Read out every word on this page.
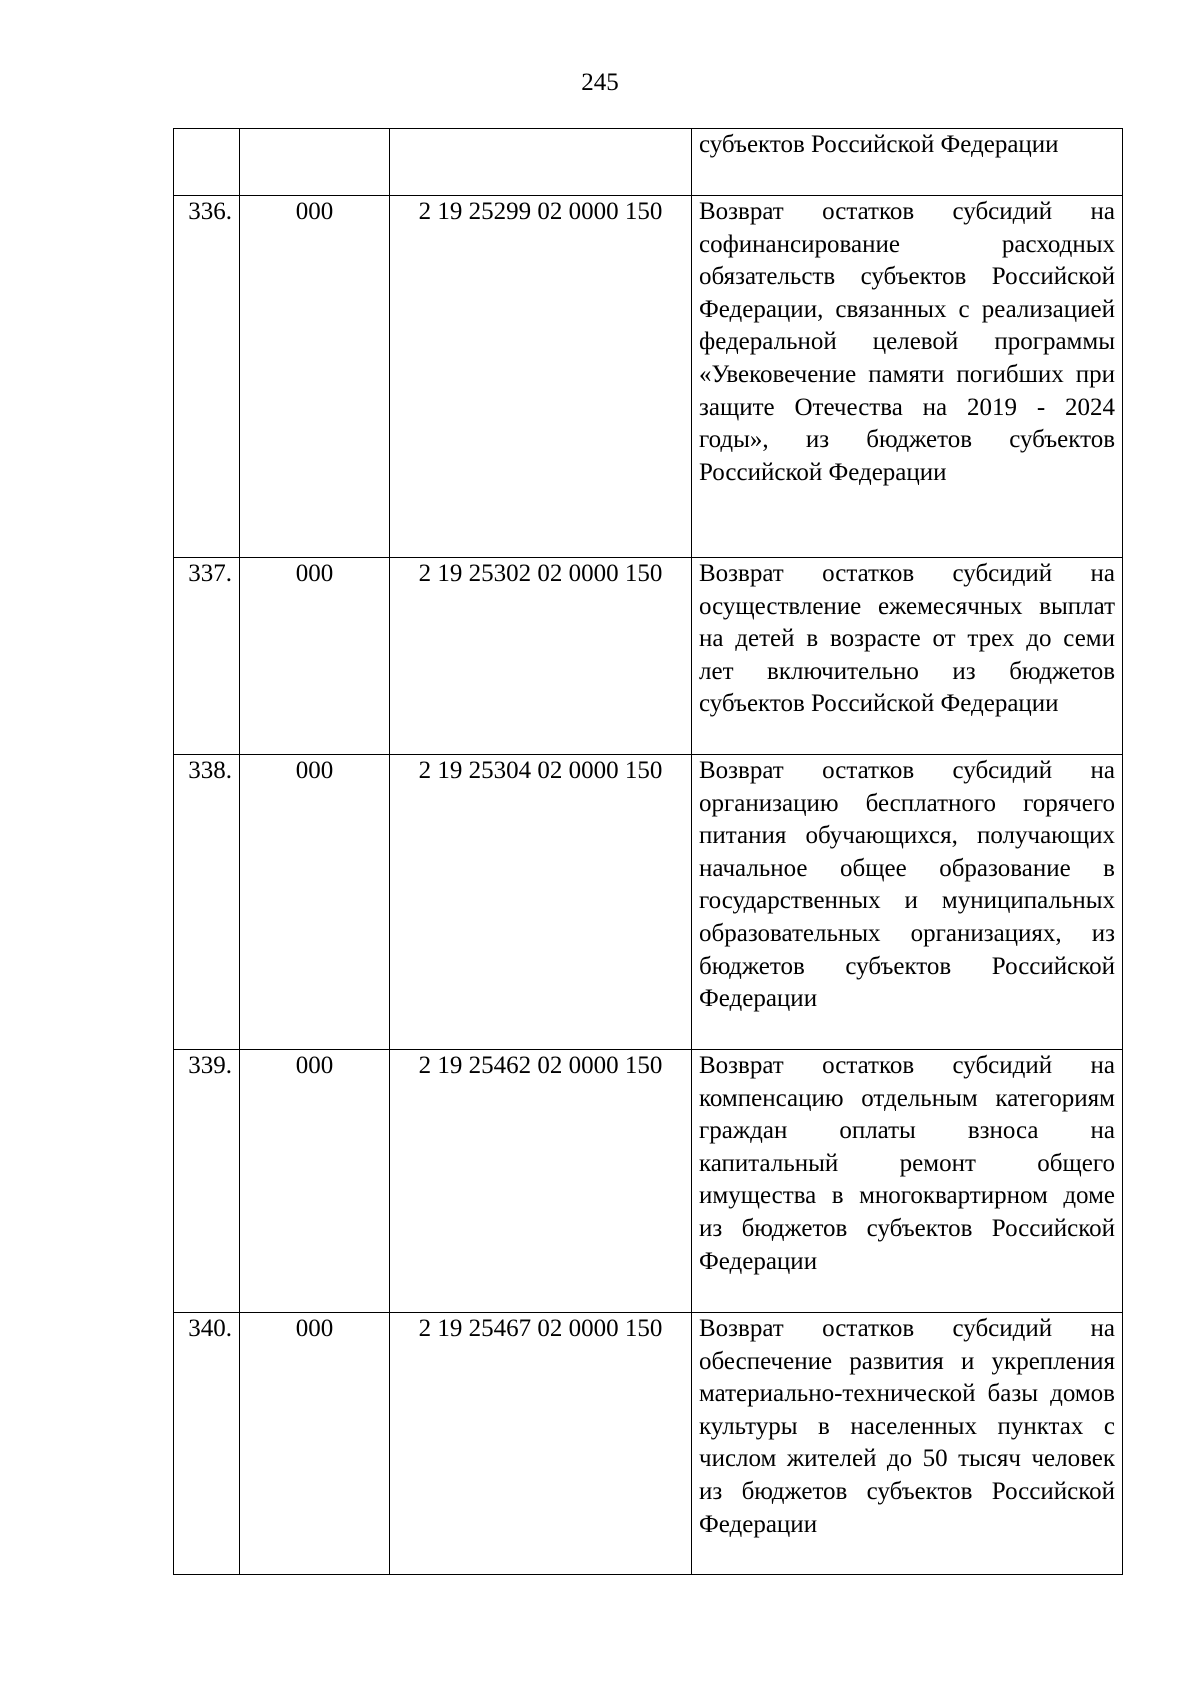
245
			субъектов Российской Федерации
336.	000	2 19 25299 02 0000 150	Возврат остатков субсидий на софинансирование расходных обязательств субъектов Российской Федерации, связанных с реализацией федеральной целевой программы «Увековечение памяти погибших при защите Отечества на 2019 - 2024 годы», из бюджетов субъектов Российской Федерации
337.	000	2 19 25302 02 0000 150	Возврат остатков субсидий на осуществление ежемесячных выплат на детей в возрасте от трех до семи лет включительно из бюджетов субъектов Российской Федерации
338.	000	2 19 25304 02 0000 150	Возврат остатков субсидий на организацию бесплатного горячего питания обучающихся, получающих начальное общее образование в государственных и муниципальных образовательных организациях, из бюджетов субъектов Российской Федерации
339.	000	2 19 25462 02 0000 150	Возврат остатков субсидий на компенсацию отдельным категориям граждан оплаты взноса на капитальный ремонт общего имущества в многоквартирном доме из бюджетов субъектов Российской Федерации
340.	000	2 19 25467 02 0000 150	Возврат остатков субсидий на обеспечение развития и укрепления материально-технической базы домов культуры в населенных пунктах с числом жителей до 50 тысяч человек из бюджетов субъектов Российской Федерации
